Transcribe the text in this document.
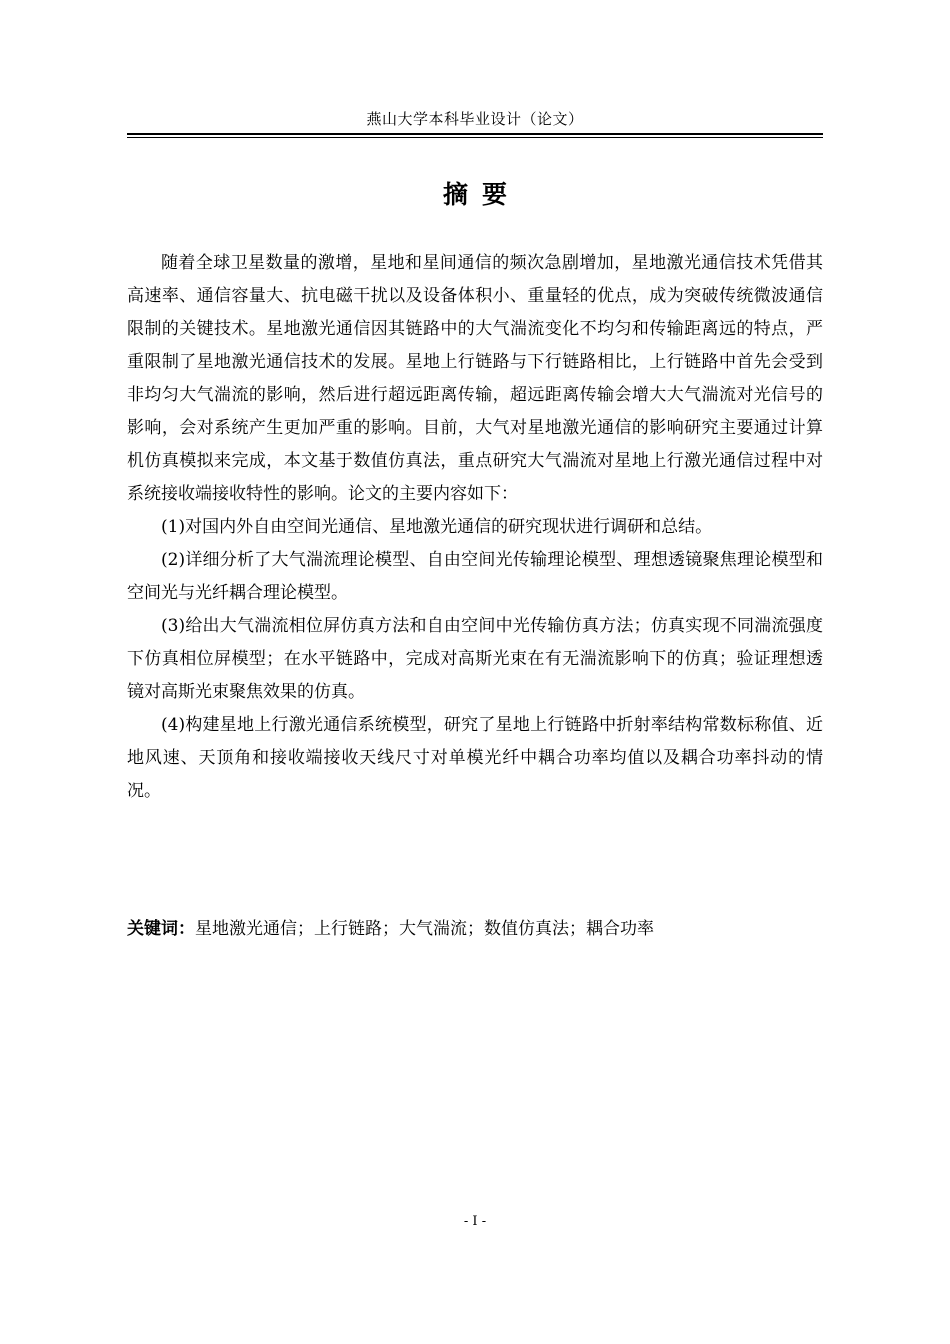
燕山大学本科毕业设计（论文）
摘要

随着全球卫星数量的激增，星地和星间通信的频次急剧增加，星地激光通信技术凭借其高速率、通信容量大、抗电磁干扰以及设备体积小、重量轻的优点，成为突破传统微波通信限制的关键技术。星地激光通信因其链路中的大气湍流变化不均匀和传输距离远的特点，严重限制了星地激光通信技术的发展。星地上行链路与下行链路相比，上行链路中首先会受到非均匀大气湍流的影响，然后进行超远距离传输，超远距离传输会增大大气湍流对光信号的影响，会对系统产生更加严重的影响。目前，大气对星地激光通信的影响研究主要通过计算机仿真模拟来完成，本文基于数值仿真法，重点研究大气湍流对星地上行激光通信过程中对系统接收端接收特性的影响。论文的主要内容如下：

(1)对国内外自由空间光通信、星地激光通信的研究现状进行调研和总结。

(2)详细分析了大气湍流理论模型、自由空间光传输理论模型、理想透镜聚焦理论模型和空间光与光纤耦合理论模型。

(3)给出大气湍流相位屏仿真方法和自由空间中光传输仿真方法；仿真实现不同湍流强度下仿真相位屏模型；在水平链路中，完成对高斯光束在有无湍流影响下的仿真；验证理想透镜对高斯光束聚焦效果的仿真。

(4)构建星地上行激光通信系统模型，研究了星地上行链路中折射率结构常数标称值、近地风速、天顶角和接收端接收天线尺寸对单模光纤中耦合功率均值以及耦合功率抖动的情况。

关键词：星地激光通信；上行链路；大气湍流；数值仿真法；耦合功率
- I -
